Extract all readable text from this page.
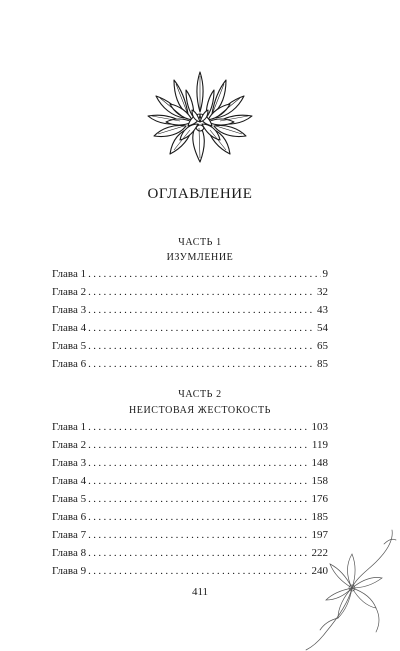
ОГЛАВЛЕНИЕ
ЧАСТЬ 1
ИЗУМЛЕНИЕ
Глава 1 .....	9
Глава 2 .....	32
Глава 3 .....	43
Глава 4 .....	54
Глава 5 .....	65
Глава 6 .....	85
ЧАСТЬ 2
НЕИСТОВАЯ ЖЕСТОКОСТЬ
Глава 1 .....	103
Глава 2 .....	119
Глава 3 .....	148
Глава 4 .....	158
Глава 5 .....	176
Глава 6 .....	185
Глава 7 .....	197
Глава 8 .....	222
Глава 9 .....	240
411
